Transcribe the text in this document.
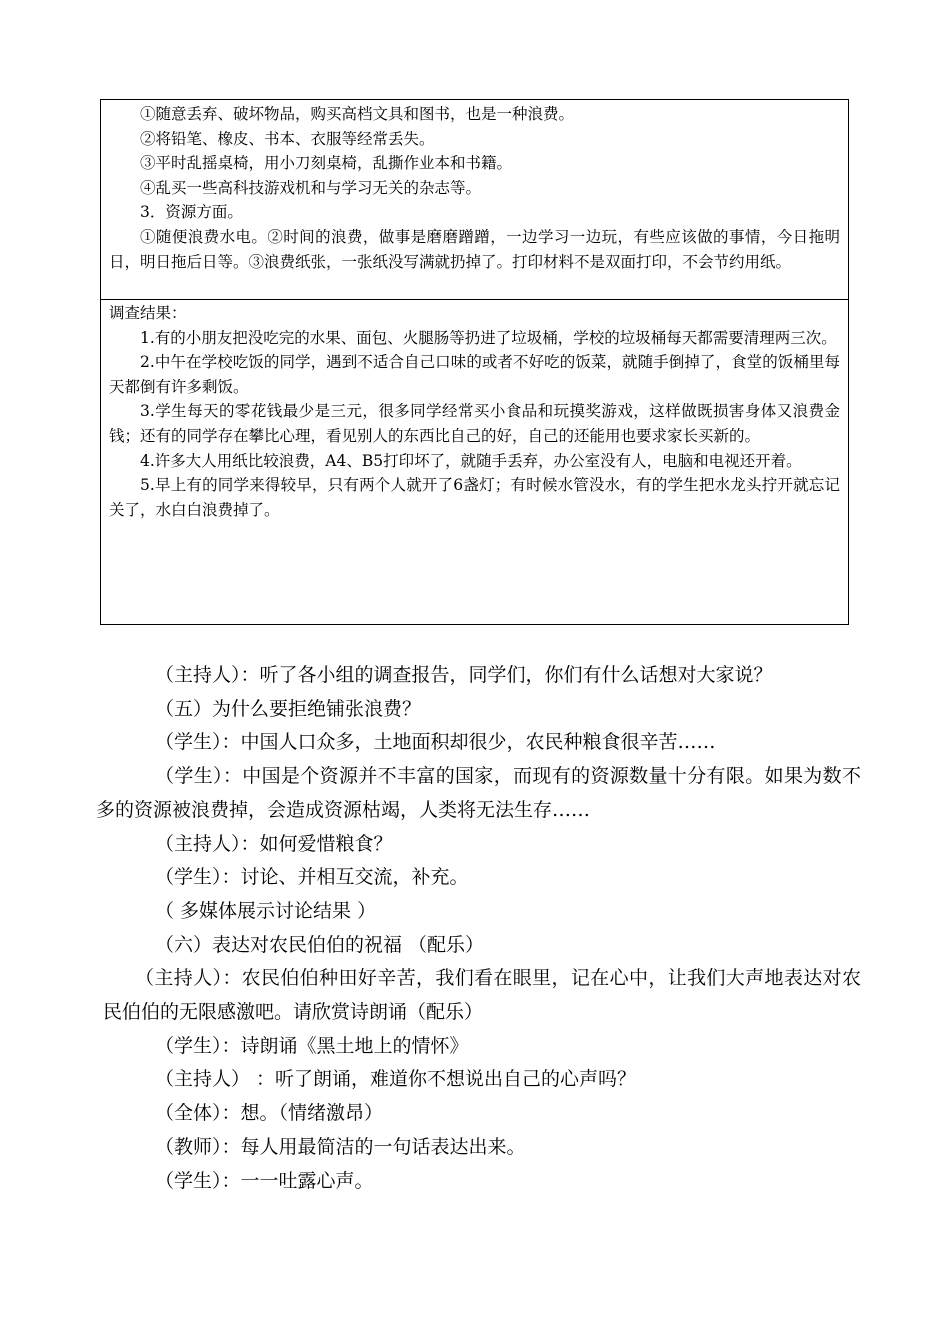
①随意丢弃、破坏物品，购买高档文具和图书，也是一种浪费。

②将铅笔、橡皮、书本、衣服等经常丢失。

③平时乱摇桌椅，用小刀刻桌椅，乱撕作业本和书籍。

④乱买一些高科技游戏机和与学习无关的杂志等。

3．资源方面。

①随便浪费水电。②时间的浪费，做事是磨磨蹭蹭，一边学习一边玩，有些应该做的事情，今日拖明日，明日拖后日等。③浪费纸张，一张纸没写满就扔掉了。打印材料不是双面打印，不会节约用纸。

调查结果：

1.有的小朋友把没吃完的水果、面包、火腿肠等扔进了垃圾桶，学校的垃圾桶每天都需要清理两三次。

2.中午在学校吃饭的同学，遇到不适合自己口味的或者不好吃的饭菜，就随手倒掉了，食堂的饭桶里每天都倒有许多剩饭。

3.学生每天的零花钱最少是三元，很多同学经常买小食品和玩摸奖游戏，这样做既损害身体又浪费金钱；还有的同学存在攀比心理，看见别人的东西比自己的好，自己的还能用也要求家长买新的。

4.许多大人用纸比较浪费，A4、B5打印坏了，就随手丢弃，办公室没有人，电脑和电视还开着。

5.早上有的同学来得较早，只有两个人就开了6盏灯；有时候水管没水，有的学生把水龙头拧开就忘记关了，水白白浪费掉了。

（主持人）：听了各小组的调查报告，同学们，你们有什么话想对大家说？

（五）为什么要拒绝铺张浪费？

（学生）：中国人口众多，土地面积却很少，农民种粮食很辛苦……

（学生）：中国是个资源并不丰富的国家，而现有的资源数量十分有限。如果为数不多的资源被浪费掉，会造成资源枯竭，人类将无法生存……

（主持人）：如何爱惜粮食？

（学生）：讨论、并相互交流，补充。

（ 多媒体展示讨论结果 ）

（六）表达对农民伯伯的祝福 （配乐）

（主持人）：农民伯伯种田好辛苦，我们看在眼里，记在心中，让我们大声地表达对农民伯伯的无限感激吧。请欣赏诗朗诵（配乐）

（学生）：诗朗诵《黑土地上的情怀》

（主持人） ：听了朗诵，难道你不想说出自己的心声吗？

（全体）：想。（情绪激昂）

（教师）：每人用最简洁的一句话表达出来。

（学生）：一一吐露心声。
